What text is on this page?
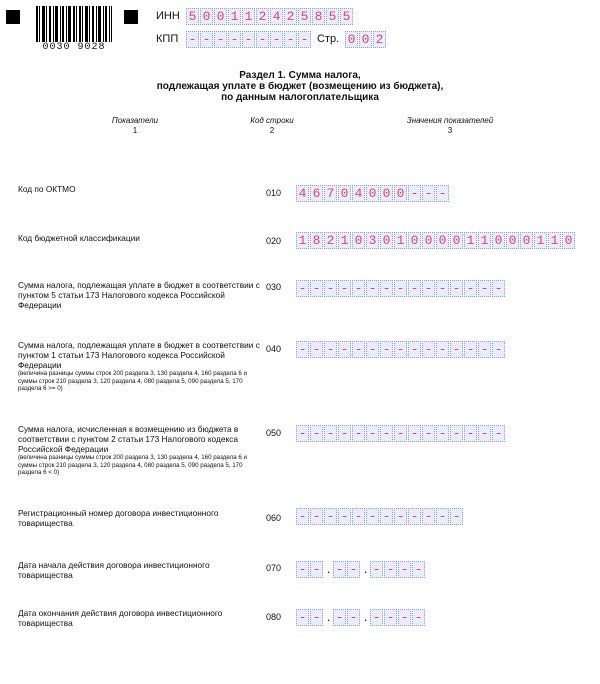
0030 9028
ИНН 5 0 0 1 1 2 4 2 5 8 5 5
КПП - - - - - - - - - Стр. 0 0 2
Раздел 1. Сумма налога,
подлежащая уплате в бюджет (возмещению из бюджета),
по данным налогоплательщика
Показатели
1
Код строки
2
Значения показателей
3
Код по ОКТМО	010 4 6 7 0 4 0 0 0 - - -
Код бюджетной классификации	020 1 8 2 1 0 3 0 1 0 0 0 0 1 1 0 0 0 1 1 0
Сумма налога, подлежащая уплате в бюджет в соответствии с пунктом 5 статьи 173 Налогового кодекса Российской Федерации
030 - - - - - - - - - - - - - - -
Сумма налога, подлежащая уплате в бюджет в соответствии с пунктом 1 статьи 173 Налогового кодекса Российской Федерации
(величина разницы суммы строк 200 раздела 3, 130 раздела 4, 160 раздела 6 и суммы строк 210 раздела 3, 120 раздела 4, 080 раздела 5, 090 раздела 5, 170 раздела 6 >= 0)
040 - - - - - - - - - - - - - - -
Сумма налога, исчисленная к возмещению из бюджета в соответствии с пунктом 2 статьи 173 Налогового кодекса Российской Федерации
(величина разницы суммы строк 200 раздела 3, 130 раздела 4, 160 раздела 6 и суммы строк 210 раздела 3, 120 раздела 4, 080 раздела 5, 090 раздела 5, 170 раздела 6 < 0)
050 - - - - - - - - - - - - - - -
Регистрационный номер договора инвестиционного товарищества	060 - - - - - - - - - - - -
Дата начала действия договора инвестиционного товарищества
070 - - . - - . - - - -
Дата окончания действия договора инвестиционного товарищества
080 - - . - - . - - - -
